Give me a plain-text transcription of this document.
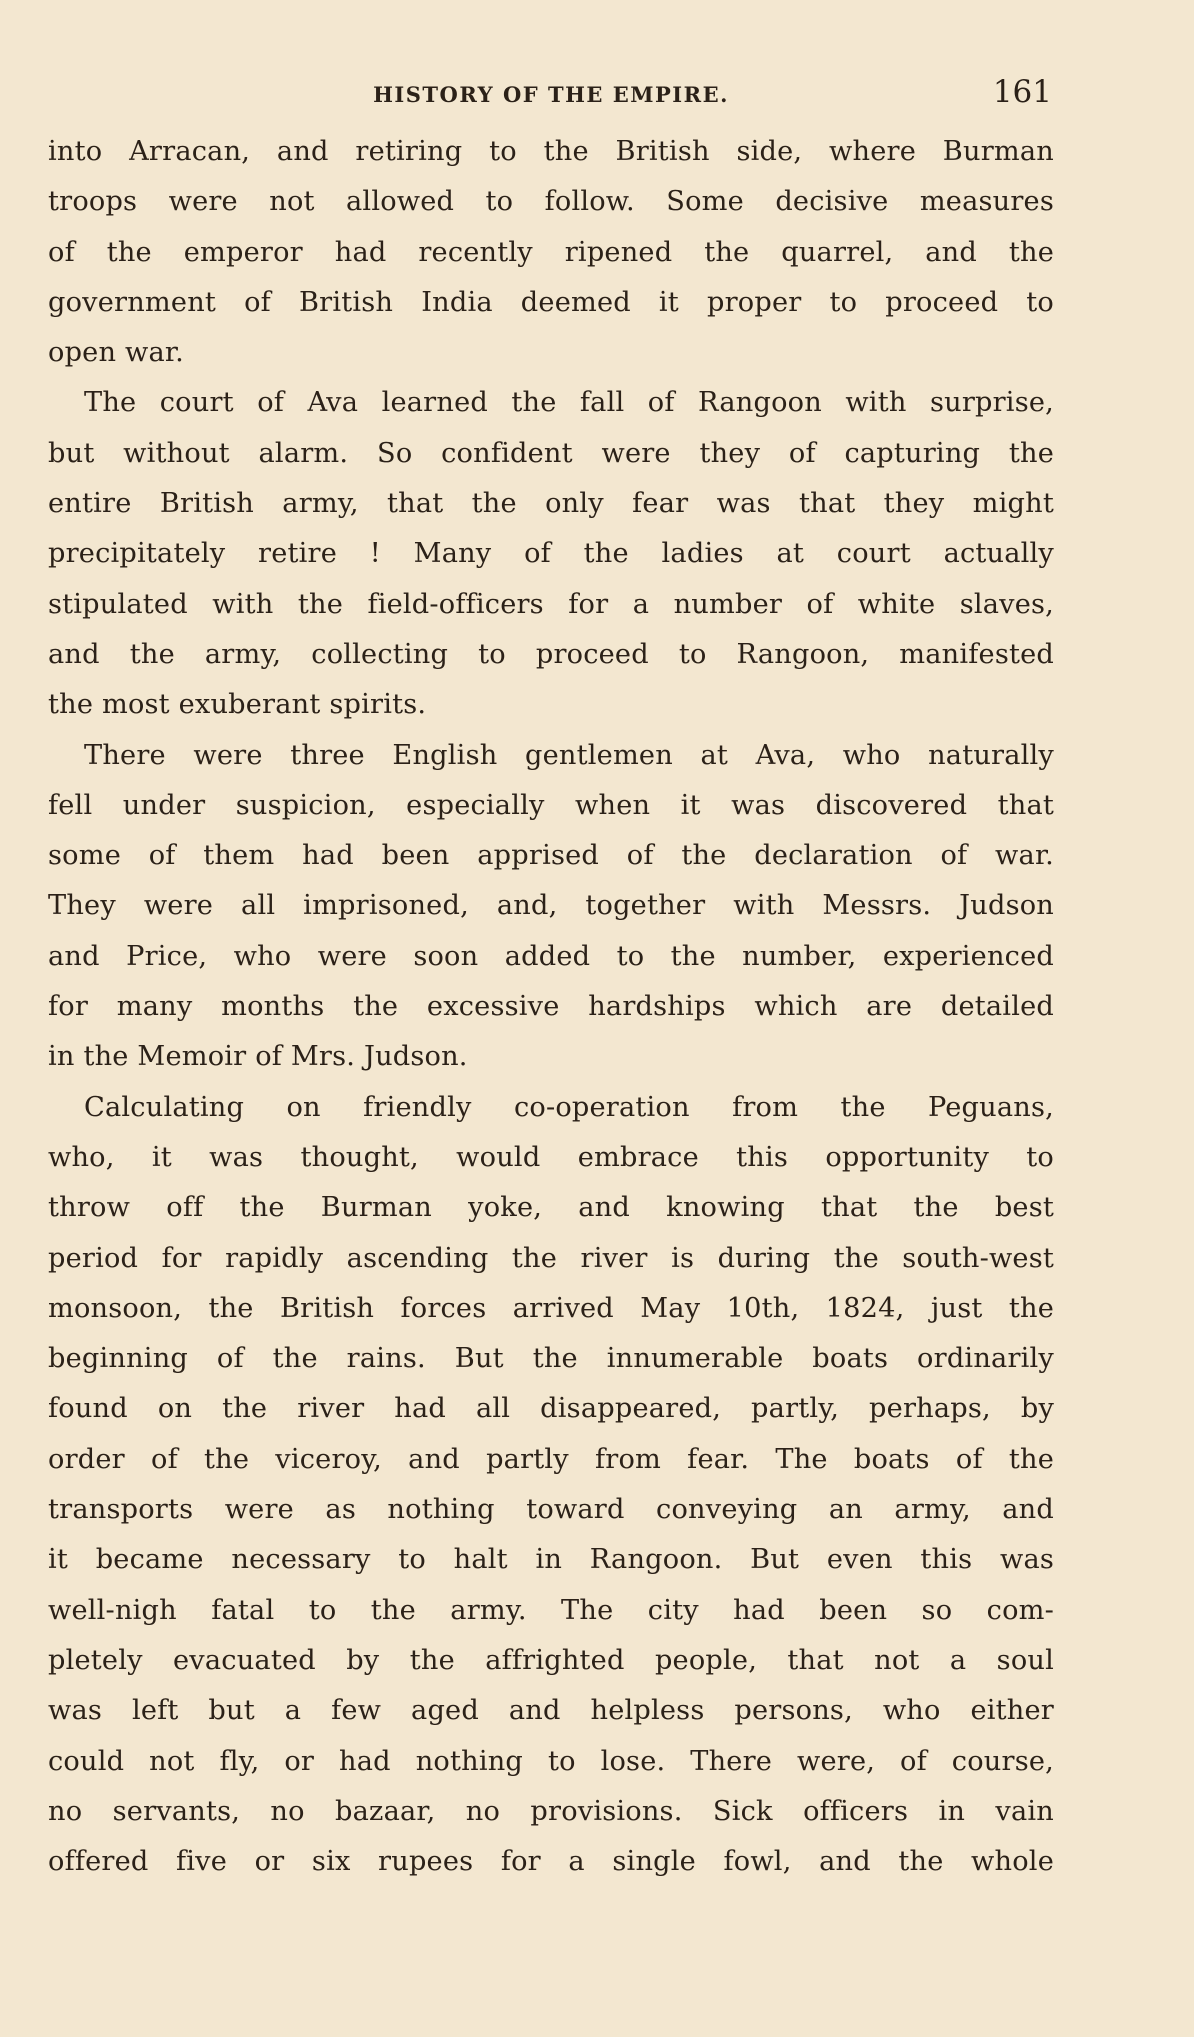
HISTORY OF THE EMPIRE.	161
into Arracan, and retiring to the British side, where Burman
troops were not allowed to follow. Some decisive measures
of the emperor had recently ripened the quarrel, and the
government of British India deemed it proper to proceed to
open war.
The court of Ava learned the fall of Rangoon with surprise,
but without alarm. So confident were they of capturing the
entire British army, that the only fear was that they might
precipitately retire ! Many of the ladies at court actually
stipulated with the field-officers for a number of white slaves,
and the army, collecting to proceed to Rangoon, manifested
the most exuberant spirits.
There were three English gentlemen at Ava, who naturally
fell under suspicion, especially when it was discovered that
some of them had been apprised of the declaration of war.
They were all imprisoned, and, together with Messrs. Judson
and Price, who were soon added to the number, experienced
for many months the excessive hardships which are detailed
in the Memoir of Mrs. Judson.
Calculating on friendly co-operation from the Peguans,
who, it was thought, would embrace this opportunity to
throw off the Burman yoke, and knowing that the best
period for rapidly ascending the river is during the south-west
monsoon, the British forces arrived May 10th, 1824, just the
beginning of the rains. But the innumerable boats ordinarily
found on the river had all disappeared, partly, perhaps, by
order of the viceroy, and partly from fear. The boats of the
transports were as nothing toward conveying an army, and
it became necessary to halt in Rangoon. But even this was
well-nigh fatal to the army. The city had been so com-
pletely evacuated by the affrighted people, that not a soul
was left but a few aged and helpless persons, who either
could not fly, or had nothing to lose. There were, of course,
no servants, no bazaar, no provisions. Sick officers in vain
offered five or six rupees for a single fowl, and the whole
